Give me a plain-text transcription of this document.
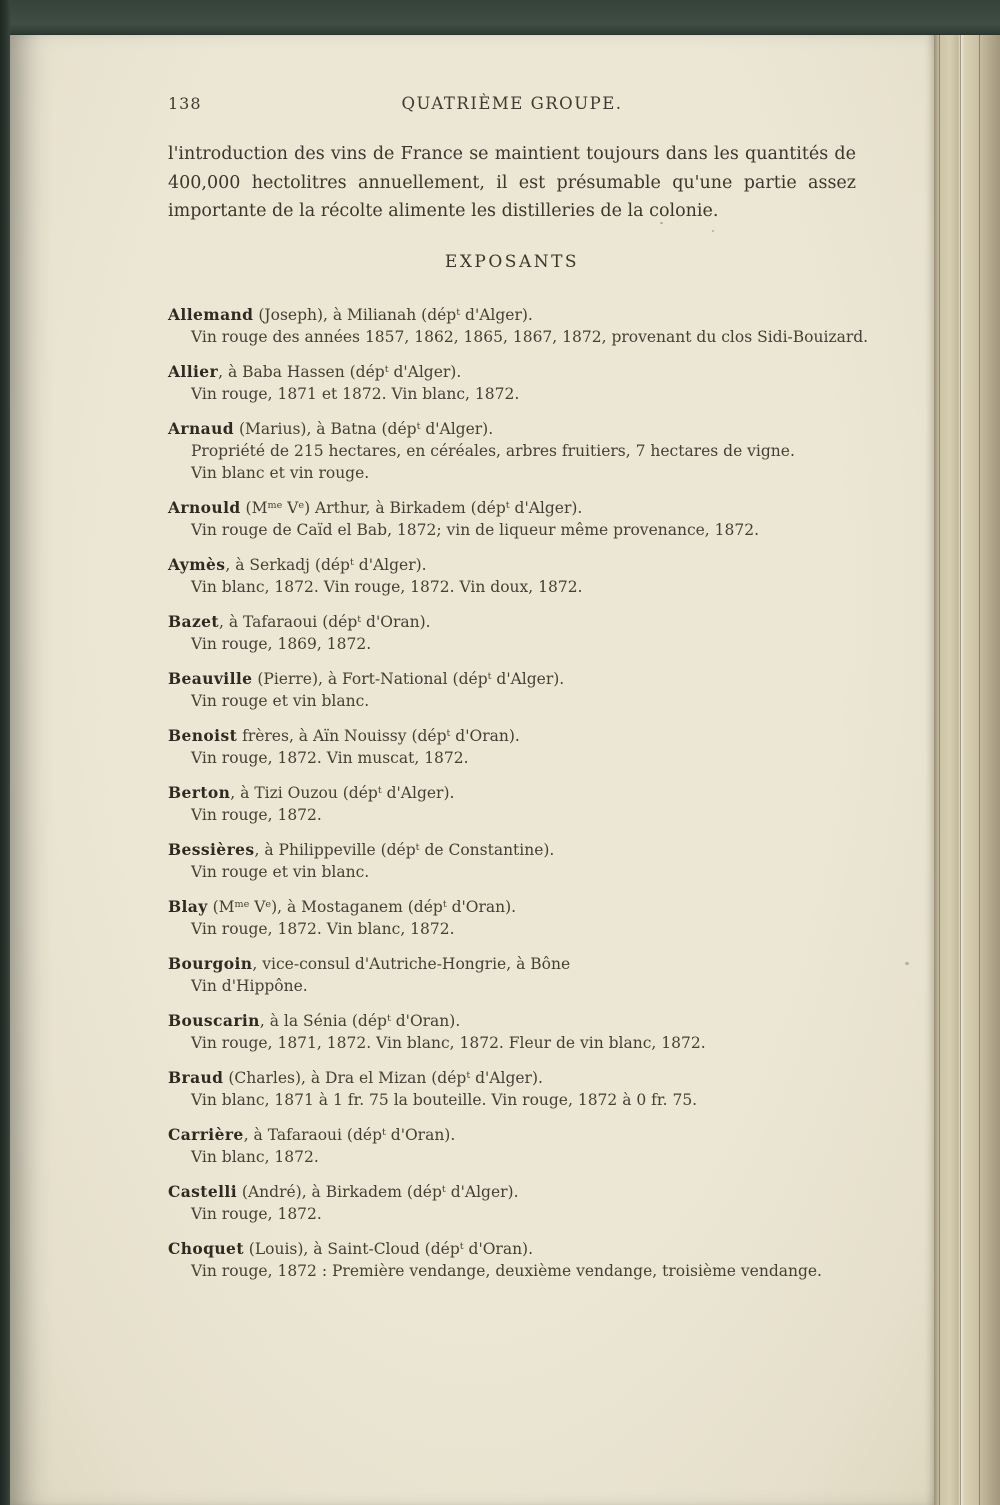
138	QUATRIÈME GROUPE.

l'introduction des vins de France se maintient toujours dans les quantités de 400,000 hectolitres annuellement, il est présumable qu'une partie assez importante de la récolte alimente les distilleries de la colonie.

EXPOSANTS
Allemand (Joseph), à Milianah (dép$^t$ d'Alger).
Vin rouge des années 1857, 1862, 1865, 1867, 1872, provenant du clos Sidi-Bouizard.
Allier, à Baba Hassen (dép$^t$ d'Alger).
Vin rouge, 1871 et 1872. Vin blanc, 1872.
Arnaud (Marius), à Batna (dép$^t$ d'Alger).
Propriété de 215 hectares, en céréales, arbres fruitiers, 7 hectares de vigne.
Vin blanc et vin rouge.
Arnould ($M^{me}$ Ve) Arthur, à Birkadem (dép$^t$ d'Alger).
Vin rouge de Caïd el Bab, 1872; vin de liqueur même provenance, 1872.
Aymès, à Serkadj (dép$^t$ d'Alger).
Vin blanc, 1872. Vin rouge, 1872. Vin doux, 1872.
Bazet, à Tafaraoui (dép$^t$ d'Oran).
Vin rouge, 1869, 1872.
Beauville (Pierre), à Fort-National (dép$^t$ d'Alger).
Vin rouge et vin blanc.
Benoist frères, à Aïn Nouissy (dép$^t$ d'Oran).
Vin rouge, 1872. Vin muscat, 1872.
Berton, à Tizi Ouzou (dép$^t$ d'Alger).
Vin rouge, 1872.
Bessières, à Philippeville (dép$^t$ de Constantine).
Vin rouge et vin blanc.
Blay ($M^{me}$ Ve), à Mostaganem (dép$^t$ d'Oran).
Vin rouge, 1872. Vin blanc, 1872.
Bourgoin, vice-consul d'Autriche-Hongrie, à Bône
Vin d'Hippône.
Bouscarin, à la Sénia (dép$^t$ d'Oran).
Vin rouge, 1871, 1872. Vin blanc, 1872. Fleur de vin blanc, 1872.
Braud (Charles), à Dra el Mizan (dép$^t$ d'Alger).
Vin blanc, 1871 à 1 fr. 75 la bouteille. Vin rouge, 1872 à 0 fr. 75.
Carrière, à Tafaraoui (dép$^t$ d'Oran).
Vin blanc, 1872.
Castelli (André), à Birkadem (dép$^t$ d'Alger).
Vin rouge, 1872.
Choquet (Louis), à Saint-Cloud (dép$^t$ d'Oran).
Vin rouge, 1872 : Première vendange, deuxième vendange, troisième vendange.
